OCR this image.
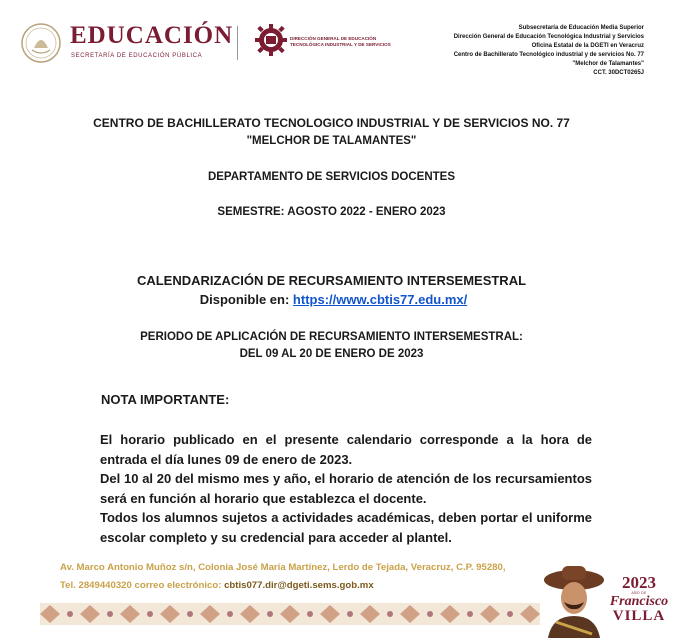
EDUCACIÓN
SECRETARÍA DE EDUCACIÓN PÚBLICA
DIRECCIÓN GENERAL DE EDUCACIÓN
TECNOLÓGICA INDUSTRIAL Y DE SERVICIOS
Subsecretaría de Educación Media Superior
Dirección General de Educación Tecnológica Industrial y Servicios
Oficina Estatal de la DGETI en Veracruz
Centro de Bachillerato Tecnológico industrial y de servicios No. 77
"Melchor de Talamantes"
CCT. 30DCT0265J
CENTRO DE BACHILLERATO TECNOLOGICO INDUSTRIAL Y DE SERVICIOS NO. 77
"MELCHOR DE TALAMANTES"
DEPARTAMENTO DE SERVICIOS DOCENTES
SEMESTRE: AGOSTO 2022 - ENERO 2023
CALENDARIZACIÓN DE RECURSAMIENTO INTERSEMESTRAL
Disponible en: https://www.cbtis77.edu.mx/
PERIODO DE APLICACIÓN DE RECURSAMIENTO INTERSEMESTRAL:
DEL 09 AL 20 DE ENERO DE 2023
NOTA IMPORTANTE:

El horario publicado en el presente calendario corresponde a la hora de entrada el día lunes 09 de enero de 2023.

Del 10 al 20 del mismo mes y año, el horario de atención de los recursamientos será en función al horario que establezca el docente.

Todos los alumnos sujetos a actividades académicas, deben portar el uniforme escolar completo y su credencial para acceder al plantel.

Av. Marco Antonio Muñoz s/n, Colonia José María Martínez, Lerdo de Tejada, Veracruz, C.P. 95280,
Tel. 2849440320 correo electrónico: cbtis077.dir@dgeti.sems.gob.mx	2023
AÑO DE
Francisco
VILLA
